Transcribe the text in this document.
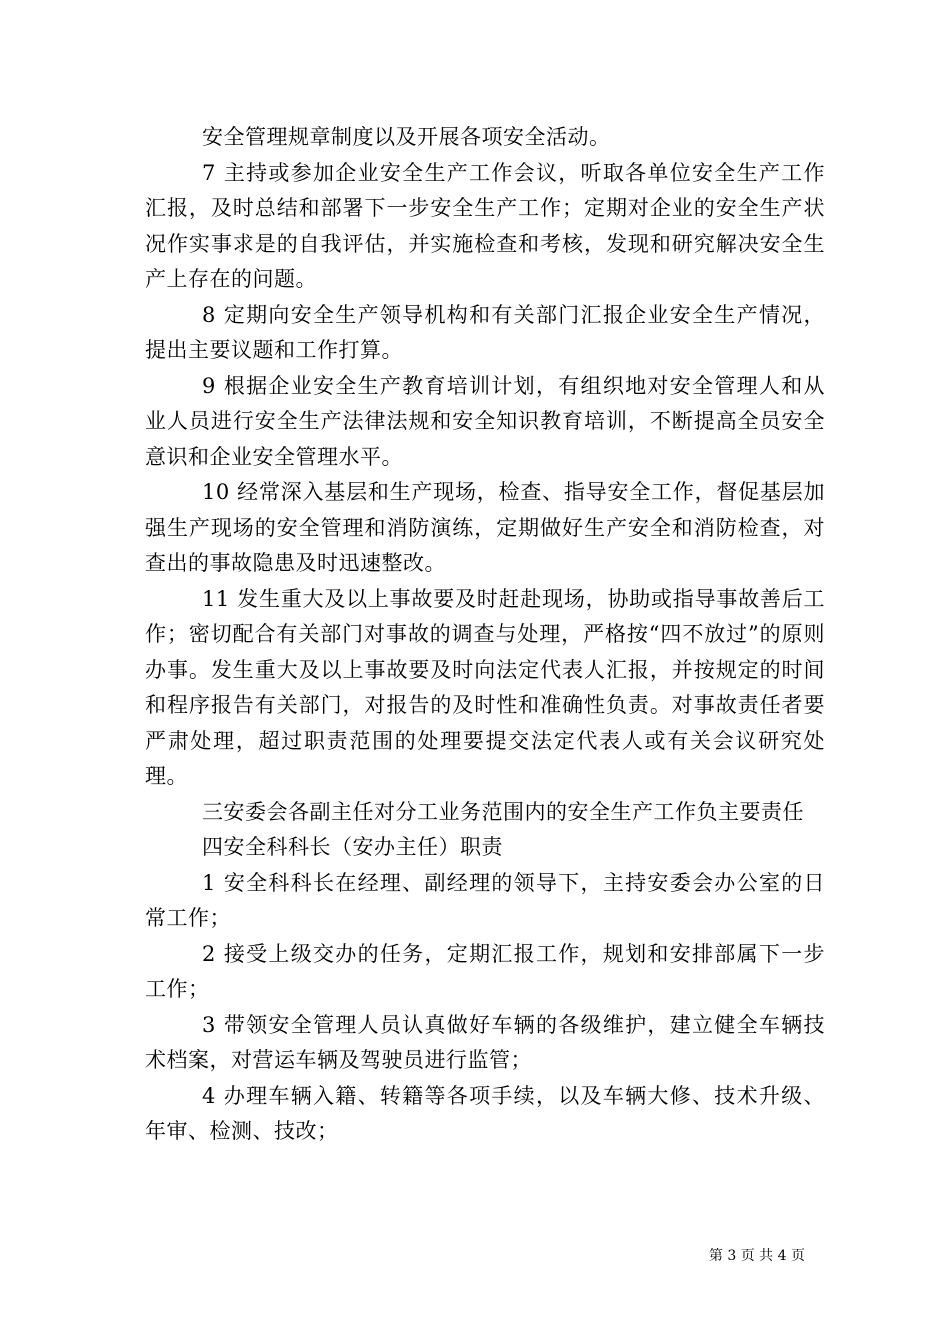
安全管理规章制度以及开展各项安全活动。

7 主持或参加企业安全生产工作会议，听取各单位安全生产工作汇报，及时总结和部署下一步安全生产工作；定期对企业的安全生产状况作实事求是的自我评估，并实施检查和考核，发现和研究解决安全生产上存在的问题。

8 定期向安全生产领导机构和有关部门汇报企业安全生产情况，提出主要议题和工作打算。

9 根据企业安全生产教育培训计划，有组织地对安全管理人和从业人员进行安全生产法律法规和安全知识教育培训，不断提高全员安全意识和企业安全管理水平。

10 经常深入基层和生产现场，检查、指导安全工作，督促基层加强生产现场的安全管理和消防演练，定期做好生产安全和消防检查，对查出的事故隐患及时迅速整改。

11 发生重大及以上事故要及时赶赴现场，协助或指导事故善后工作；密切配合有关部门对事故的调查与处理，严格按“四不放过”的原则办事。发生重大及以上事故要及时向法定代表人汇报，并按规定的时间和程序报告有关部门，对报告的及时性和准确性负责。对事故责任者要严肃处理，超过职责范围的处理要提交法定代表人或有关会议研究处理。

三安委会各副主任对分工业务范围内的安全生产工作负主要责任

四安全科科长（安办主任）职责

1 安全科科长在经理、副经理的领导下，主持安委会办公室的日常工作；

2 接受上级交办的任务，定期汇报工作，规划和安排部属下一步工作；

3 带领安全管理人员认真做好车辆的各级维护，建立健全车辆技术档案，对营运车辆及驾驶员进行监管；

4 办理车辆入籍、转籍等各项手续，以及车辆大修、技术升级、年审、检测、技改；

第 3 页 共 4 页
